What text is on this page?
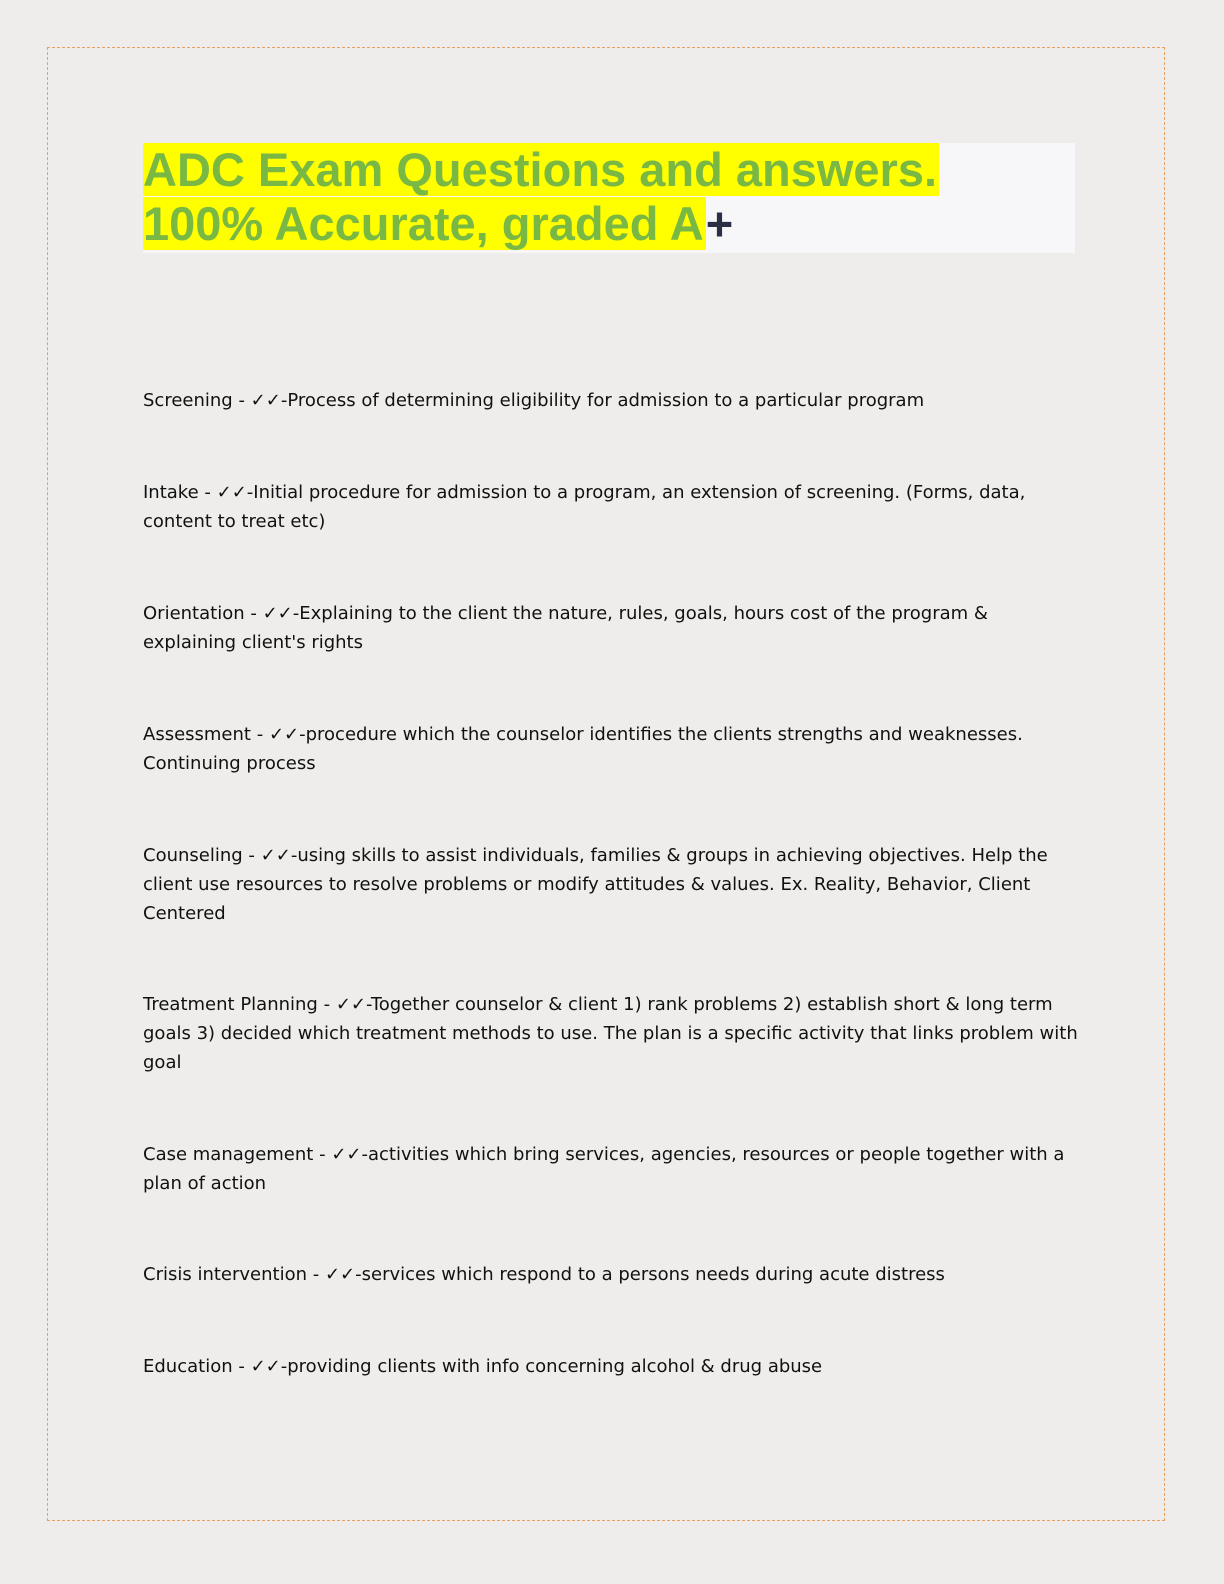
ADC Exam Questions and answers.
100% Accurate, graded A+
Screening - ✓✓-Process of determining eligibility for admission to a particular program
Intake - ✓✓-Initial procedure for admission to a program, an extension of screening. (Forms, data, content to treat etc)
Orientation - ✓✓-Explaining to the client the nature, rules, goals, hours cost of the program & explaining client's rights
Assessment - ✓✓-procedure which the counselor identifies the clients strengths and weaknesses. Continuing process
Counseling - ✓✓-using skills to assist individuals, families & groups in achieving objectives. Help the client use resources to resolve problems or modify attitudes & values. Ex. Reality, Behavior, Client Centered
Treatment Planning - ✓✓-Together counselor & client 1) rank problems 2) establish short & long term goals 3) decided which treatment methods to use. The plan is a specific activity that links problem with goal
Case management - ✓✓-activities which bring services, agencies, resources or people together with a plan of action
Crisis intervention - ✓✓-services which respond to a persons needs during acute distress
Education - ✓✓-providing clients with info concerning alcohol & drug abuse
